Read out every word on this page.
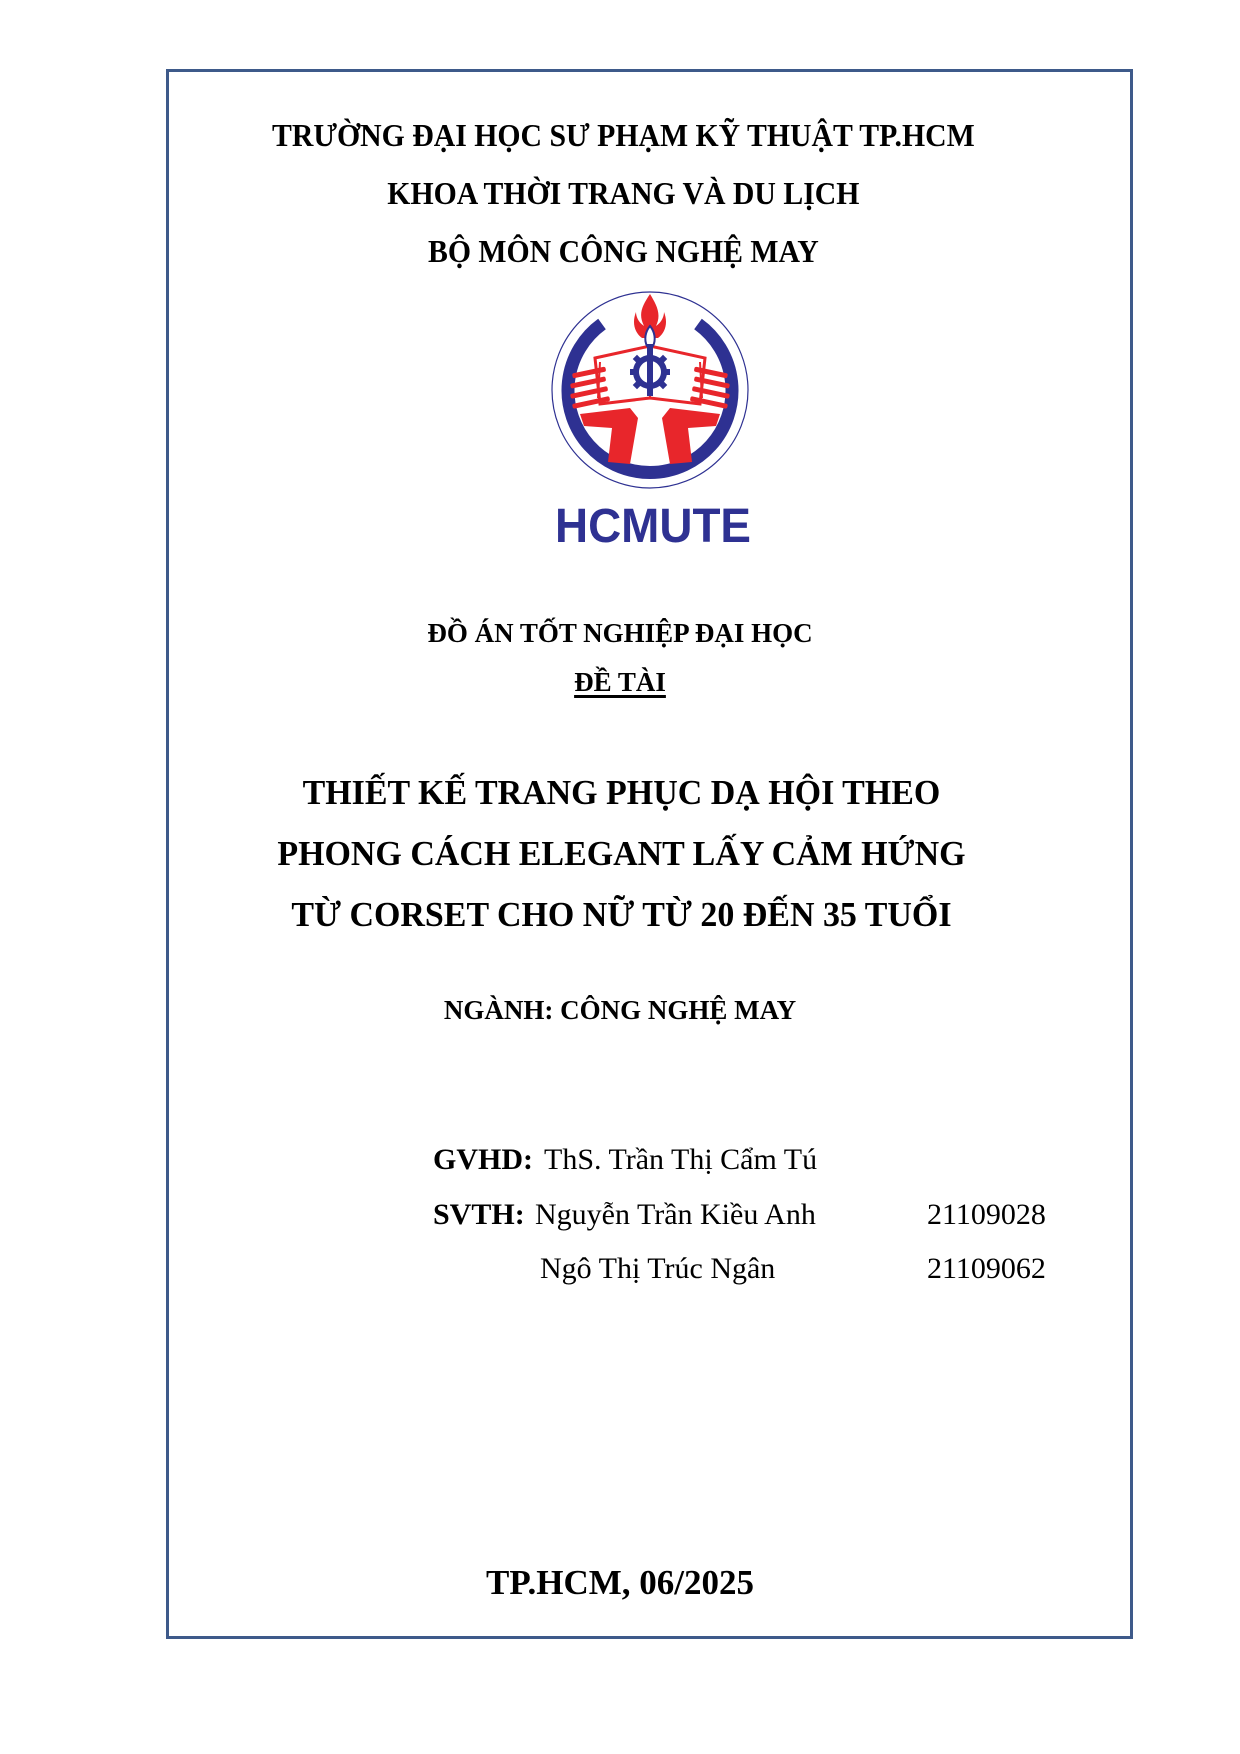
TRƯỜNG ĐẠI HỌC SƯ PHẠM KỸ THUẬT TP.HCM
KHOA THỜI TRANG VÀ DU LỊCH
BỘ MÔN CÔNG NGHỆ MAY
HCMUTE
ĐỒ ÁN TỐT NGHIỆP ĐẠI HỌC
ĐỀ TÀI
THIẾT KẾ TRANG PHỤC DẠ HỘI THEO
PHONG CÁCH ELEGANT LẤY CẢM HỨNG
TỪ CORSET CHO NỮ TỪ 20 ĐẾN 35 TUỔI
NGÀNH: CÔNG NGHỆ MAY
GVHD: ThS. Trần Thị Cẩm Tú
SVTH: Nguyễn Trần Kiều Anh	21109028
Ngô Thị Trúc Ngân	21109062
TP.HCM, 06/2025
